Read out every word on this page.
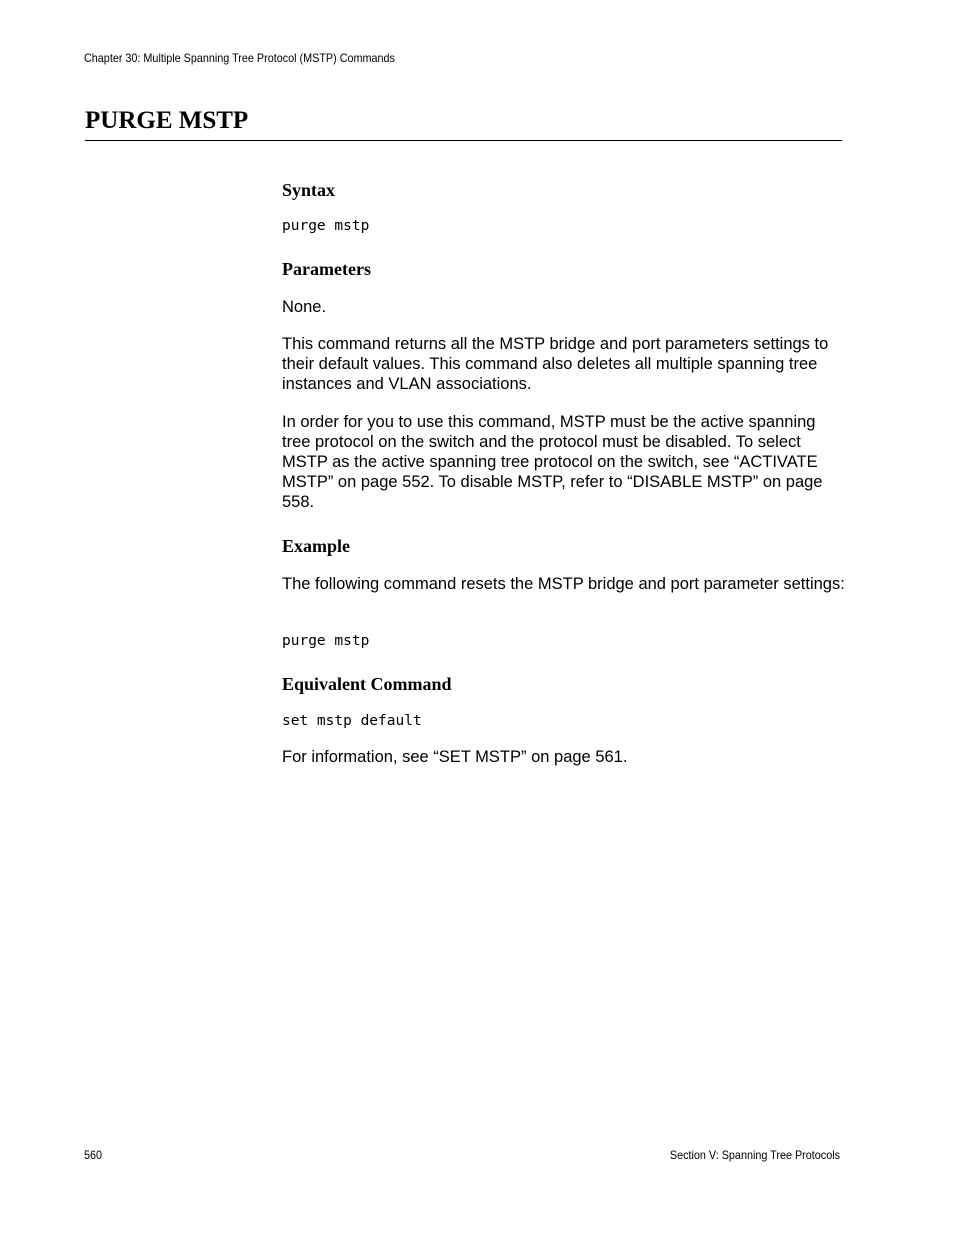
Chapter 30: Multiple Spanning Tree Protocol (MSTP) Commands
PURGE MSTP
Syntax
purge mstp
Parameters

None.

This command returns all the MSTP bridge and port parameters settings to their default values. This command also deletes all multiple spanning tree instances and VLAN associations.

In order for you to use this command, MSTP must be the active spanning tree protocol on the switch and the protocol must be disabled. To select MSTP as the active spanning tree protocol on the switch, see “ACTIVATE MSTP” on page 552. To disable MSTP, refer to “DISABLE MSTP” on page 558.

Example

The following command resets the MSTP bridge and port parameter settings:

purge mstp
Equivalent Command
set mstp default

For information, see “SET MSTP” on page 561.

560	Section V: Spanning Tree Protocols
